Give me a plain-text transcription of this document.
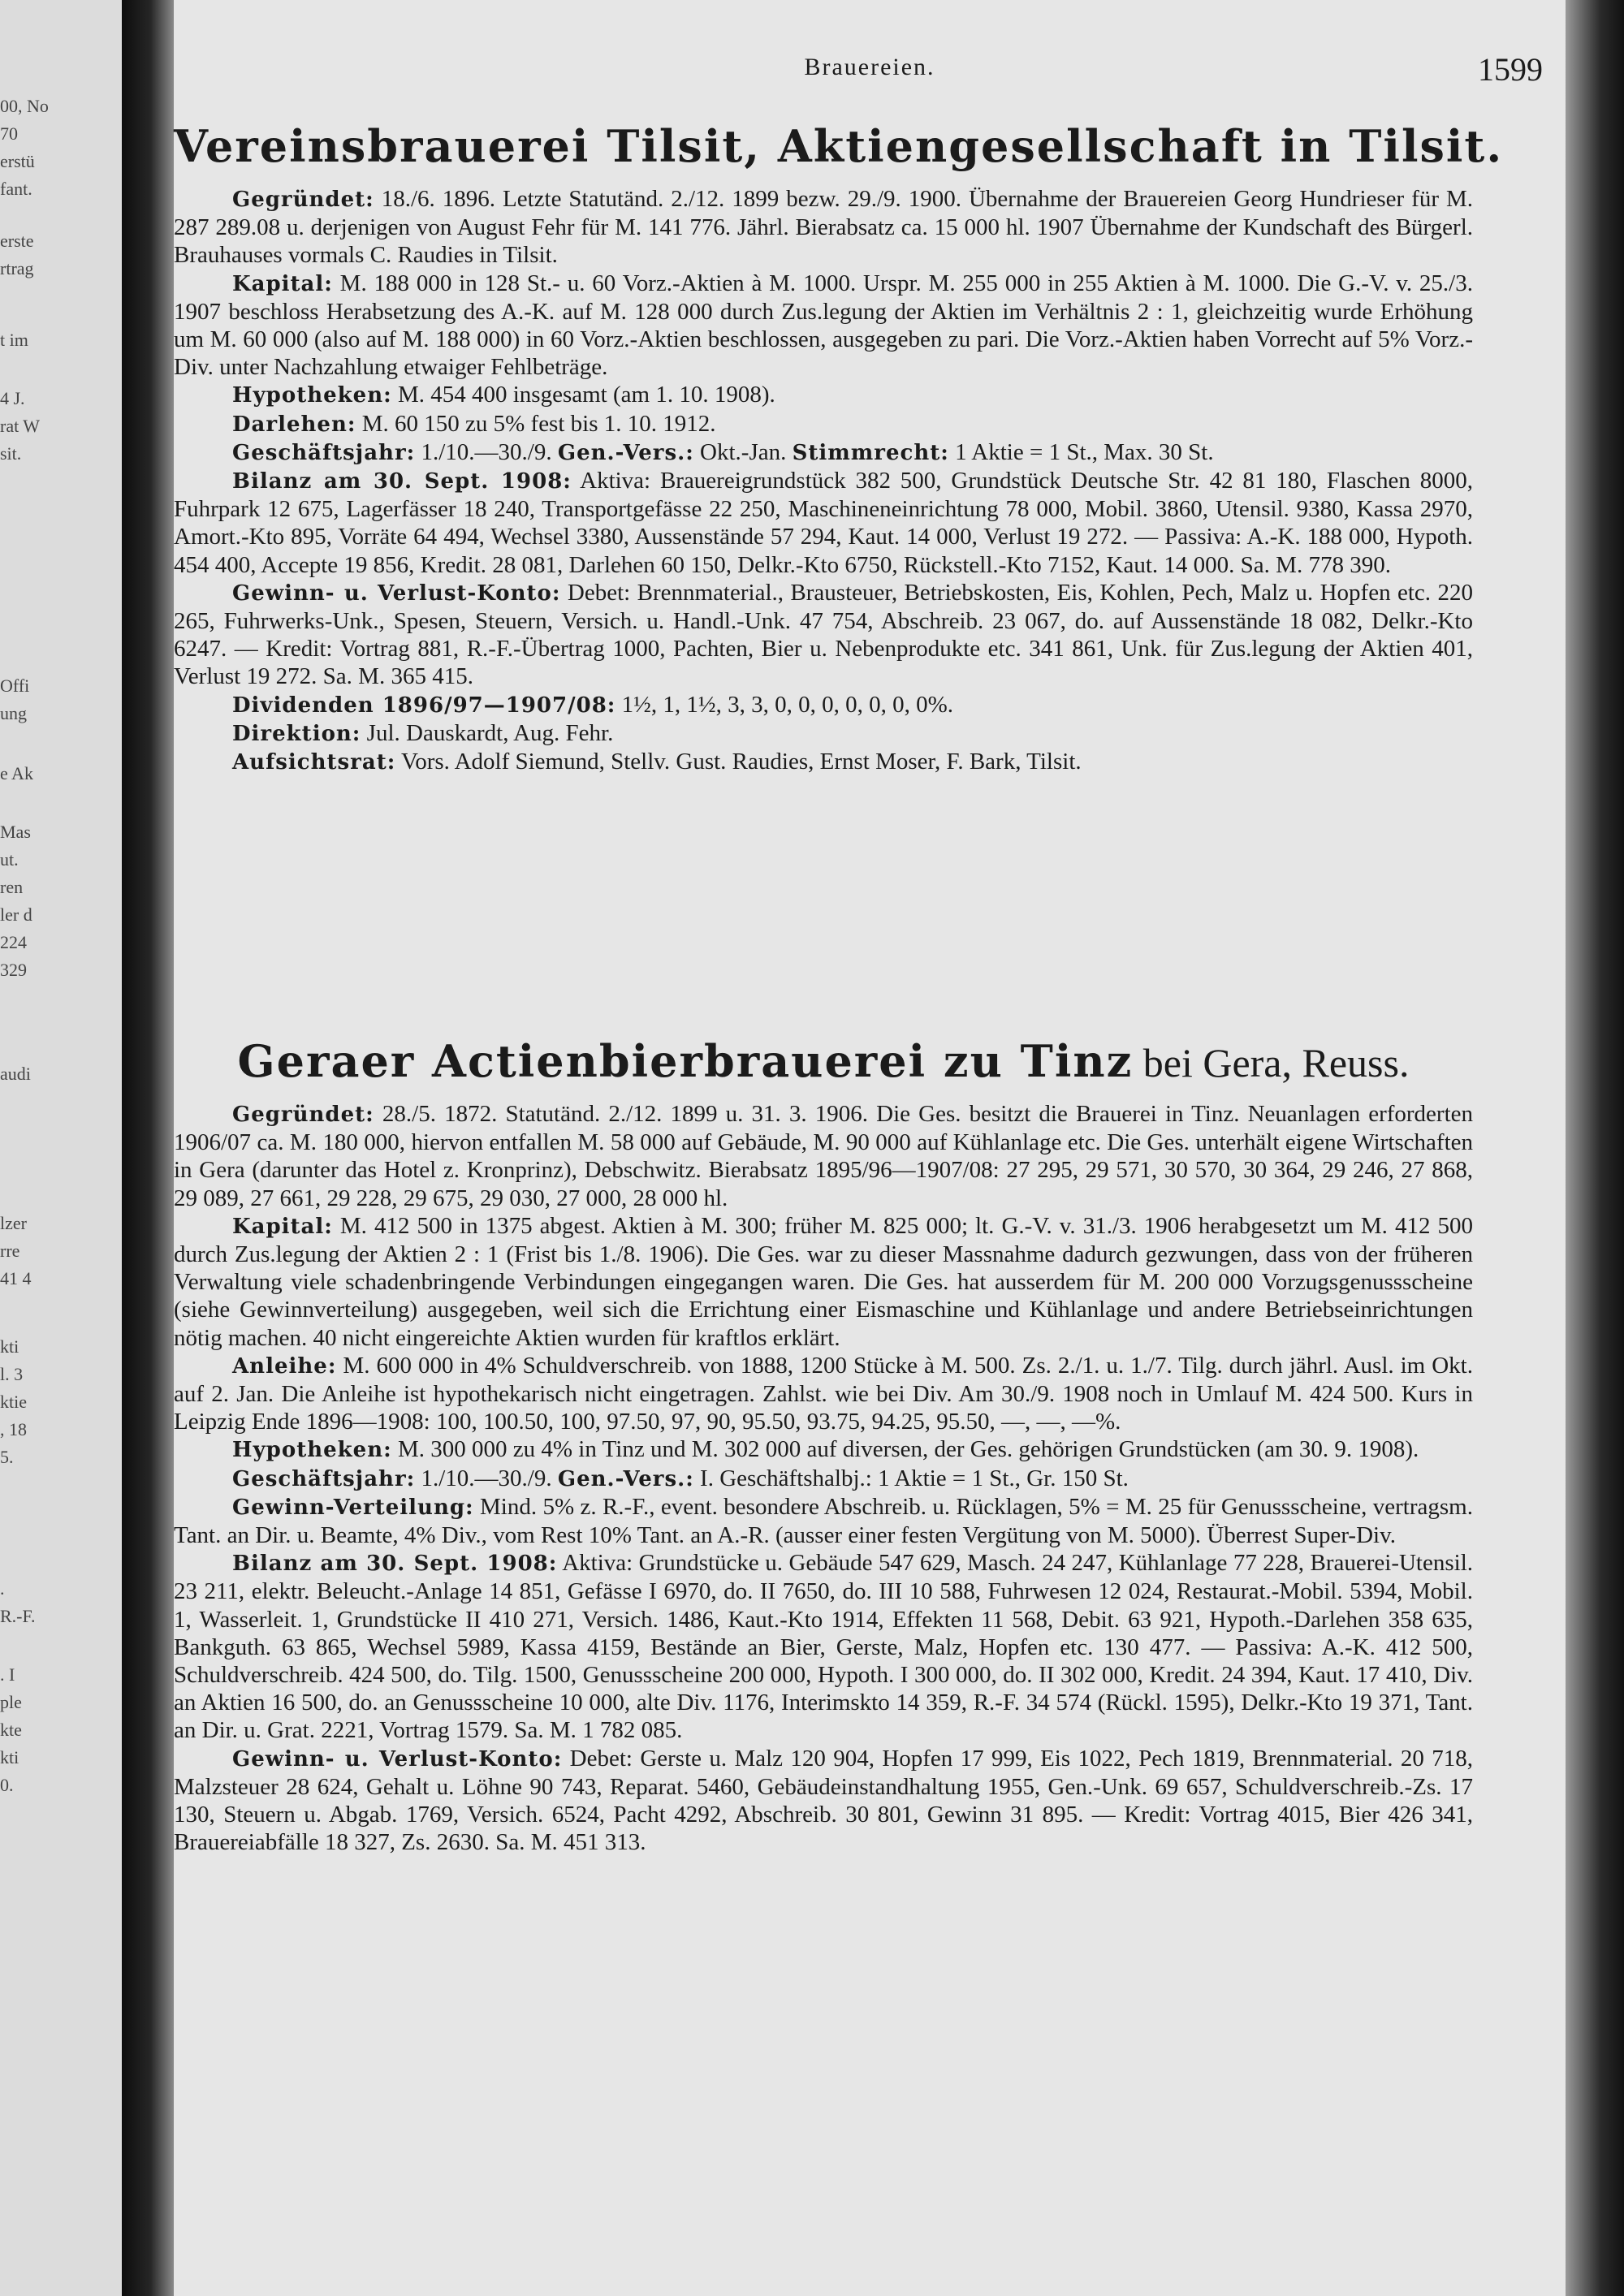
00, No
70
erstü
fant.
erste
rtrag
t im
4 J.
rat W
sit.
Offi
ung
e Ak
Mas
ut.
ren
ler d
224
329
audi
lzer
rre
41 4
kti
l. 3
ktie
, 18
5.
.
R.-F.
. I
ple
kte
kti
0.
Brauereien.	1599
Vereinsbrauerei Tilsit, Aktiengesellschaft in Tilsit.

Gegründet: 18./6. 1896. Letzte Statutänd. 2./12. 1899 bezw. 29./9. 1900. Übernahme der Brauereien Georg Hundrieser für M. 287 289.08 u. derjenigen von August Fehr für M. 141 776. Jährl. Bierabsatz ca. 15 000 hl. 1907 Übernahme der Kundschaft des Bürgerl. Brauhauses vormals C. Raudies in Tilsit.

Kapital: M. 188 000 in 128 St.- u. 60 Vorz.-Aktien à M. 1000. Urspr. M. 255 000 in 255 Aktien à M. 1000. Die G.-V. v. 25./3. 1907 beschloss Herabsetzung des A.-K. auf M. 128 000 durch Zus.legung der Aktien im Verhältnis 2 : 1, gleichzeitig wurde Erhöhung um M. 60 000 (also auf M. 188 000) in 60 Vorz.-Aktien beschlossen, ausgegeben zu pari. Die Vorz.-Aktien haben Vorrecht auf 5% Vorz.-Div. unter Nachzahlung etwaiger Fehlbeträge.

Hypotheken: M. 454 400 insgesamt (am 1. 10. 1908).

Darlehen: M. 60 150 zu 5% fest bis 1. 10. 1912.

Geschäftsjahr: 1./10.—30./9. Gen.-Vers.: Okt.-Jan. Stimmrecht: 1 Aktie = 1 St., Max. 30 St.

Bilanz am 30. Sept. 1908: Aktiva: Brauereigrundstück 382 500, Grundstück Deutsche Str. 42 81 180, Flaschen 8000, Fuhrpark 12 675, Lagerfässer 18 240, Transportgefässe 22 250, Maschineneinrichtung 78 000, Mobil. 3860, Utensil. 9380, Kassa 2970, Amort.-Kto 895, Vorräte 64 494, Wechsel 3380, Aussenstände 57 294, Kaut. 14 000, Verlust 19 272. — Passiva: A.-K. 188 000, Hypoth. 454 400, Accepte 19 856, Kredit. 28 081, Darlehen 60 150, Delkr.-Kto 6750, Rückstell.-Kto 7152, Kaut. 14 000. Sa. M. 778 390.

Gewinn- u. Verlust-Konto: Debet: Brennmaterial., Brausteuer, Betriebskosten, Eis, Kohlen, Pech, Malz u. Hopfen etc. 220 265, Fuhrwerks-Unk., Spesen, Steuern, Versich. u. Handl.-Unk. 47 754, Abschreib. 23 067, do. auf Aussenstände 18 082, Delkr.-Kto 6247. — Kredit: Vortrag 881, R.-F.-Übertrag 1000, Pachten, Bier u. Nebenprodukte etc. 341 861, Unk. für Zus.legung der Aktien 401, Verlust 19 272. Sa. M. 365 415.

Dividenden 1896/97—1907/08: 1½, 1, 1½, 3, 3, 0, 0, 0, 0, 0, 0, 0%.

Direktion: Jul. Dauskardt, Aug. Fehr.

Aufsichtsrat: Vors. Adolf Siemund, Stellv. Gust. Raudies, Ernst Moser, F. Bark, Tilsit.

Geraer Actienbierbrauerei zu Tinz bei Gera, Reuss.

Gegründet: 28./5. 1872. Statutänd. 2./12. 1899 u. 31. 3. 1906. Die Ges. besitzt die Brauerei in Tinz. Neuanlagen erforderten 1906/07 ca. M. 180 000, hiervon entfallen M. 58 000 auf Gebäude, M. 90 000 auf Kühlanlage etc. Die Ges. unterhält eigene Wirtschaften in Gera (darunter das Hotel z. Kronprinz), Debschwitz. Bierabsatz 1895/96—1907/08: 27 295, 29 571, 30 570, 30 364, 29 246, 27 868, 29 089, 27 661, 29 228, 29 675, 29 030, 27 000, 28 000 hl.

Kapital: M. 412 500 in 1375 abgest. Aktien à M. 300; früher M. 825 000; lt. G.-V. v. 31./3. 1906 herabgesetzt um M. 412 500 durch Zus.legung der Aktien 2 : 1 (Frist bis 1./8. 1906). Die Ges. war zu dieser Massnahme dadurch gezwungen, dass von der früheren Verwaltung viele schadenbringende Verbindungen eingegangen waren. Die Ges. hat ausserdem für M. 200 000 Vorzugsgenussscheine (siehe Gewinnverteilung) ausgegeben, weil sich die Errichtung einer Eismaschine und Kühlanlage und andere Betriebseinrichtungen nötig machen. 40 nicht eingereichte Aktien wurden für kraftlos erklärt.

Anleihe: M. 600 000 in 4% Schuldverschreib. von 1888, 1200 Stücke à M. 500. Zs. 2./1. u. 1./7. Tilg. durch jährl. Ausl. im Okt. auf 2. Jan. Die Anleihe ist hypothekarisch nicht eingetragen. Zahlst. wie bei Div. Am 30./9. 1908 noch in Umlauf M. 424 500. Kurs in Leipzig Ende 1896—1908: 100, 100.50, 100, 97.50, 97, 90, 95.50, 93.75, 94.25, 95.50, —, —, —%.

Hypotheken: M. 300 000 zu 4% in Tinz und M. 302 000 auf diversen, der Ges. gehörigen Grundstücken (am 30. 9. 1908).

Geschäftsjahr: 1./10.—30./9. Gen.-Vers.: I. Geschäftshalbj.: 1 Aktie = 1 St., Gr. 150 St.

Gewinn-Verteilung: Mind. 5% z. R.-F., event. besondere Abschreib. u. Rücklagen, 5% = M. 25 für Genussscheine, vertragsm. Tant. an Dir. u. Beamte, 4% Div., vom Rest 10% Tant. an A.-R. (ausser einer festen Vergütung von M. 5000). Überrest Super-Div.

Bilanz am 30. Sept. 1908: Aktiva: Grundstücke u. Gebäude 547 629, Masch. 24 247, Kühlanlage 77 228, Brauerei-Utensil. 23 211, elektr. Beleucht.-Anlage 14 851, Gefässe I 6970, do. II 7650, do. III 10 588, Fuhrwesen 12 024, Restaurat.-Mobil. 5394, Mobil. 1, Wasserleit. 1, Grundstücke II 410 271, Versich. 1486, Kaut.-Kto 1914, Effekten 11 568, Debit. 63 921, Hypoth.-Darlehen 358 635, Bankguth. 63 865, Wechsel 5989, Kassa 4159, Bestände an Bier, Gerste, Malz, Hopfen etc. 130 477. — Passiva: A.-K. 412 500, Schuldverschreib. 424 500, do. Tilg. 1500, Genussscheine 200 000, Hypoth. I 300 000, do. II 302 000, Kredit. 24 394, Kaut. 17 410, Div. an Aktien 16 500, do. an Genussscheine 10 000, alte Div. 1176, Interimskto 14 359, R.-F. 34 574 (Rückl. 1595), Delkr.-Kto 19 371, Tant. an Dir. u. Grat. 2221, Vortrag 1579. Sa. M. 1 782 085.

Gewinn- u. Verlust-Konto: Debet: Gerste u. Malz 120 904, Hopfen 17 999, Eis 1022, Pech 1819, Brennmaterial. 20 718, Malzsteuer 28 624, Gehalt u. Löhne 90 743, Reparat. 5460, Gebäudeinstandhaltung 1955, Gen.-Unk. 69 657, Schuldverschreib.-Zs. 17 130, Steuern u. Abgab. 1769, Versich. 6524, Pacht 4292, Abschreib. 30 801, Gewinn 31 895. — Kredit: Vortrag 4015, Bier 426 341, Brauereiabfälle 18 327, Zs. 2630. Sa. M. 451 313.
